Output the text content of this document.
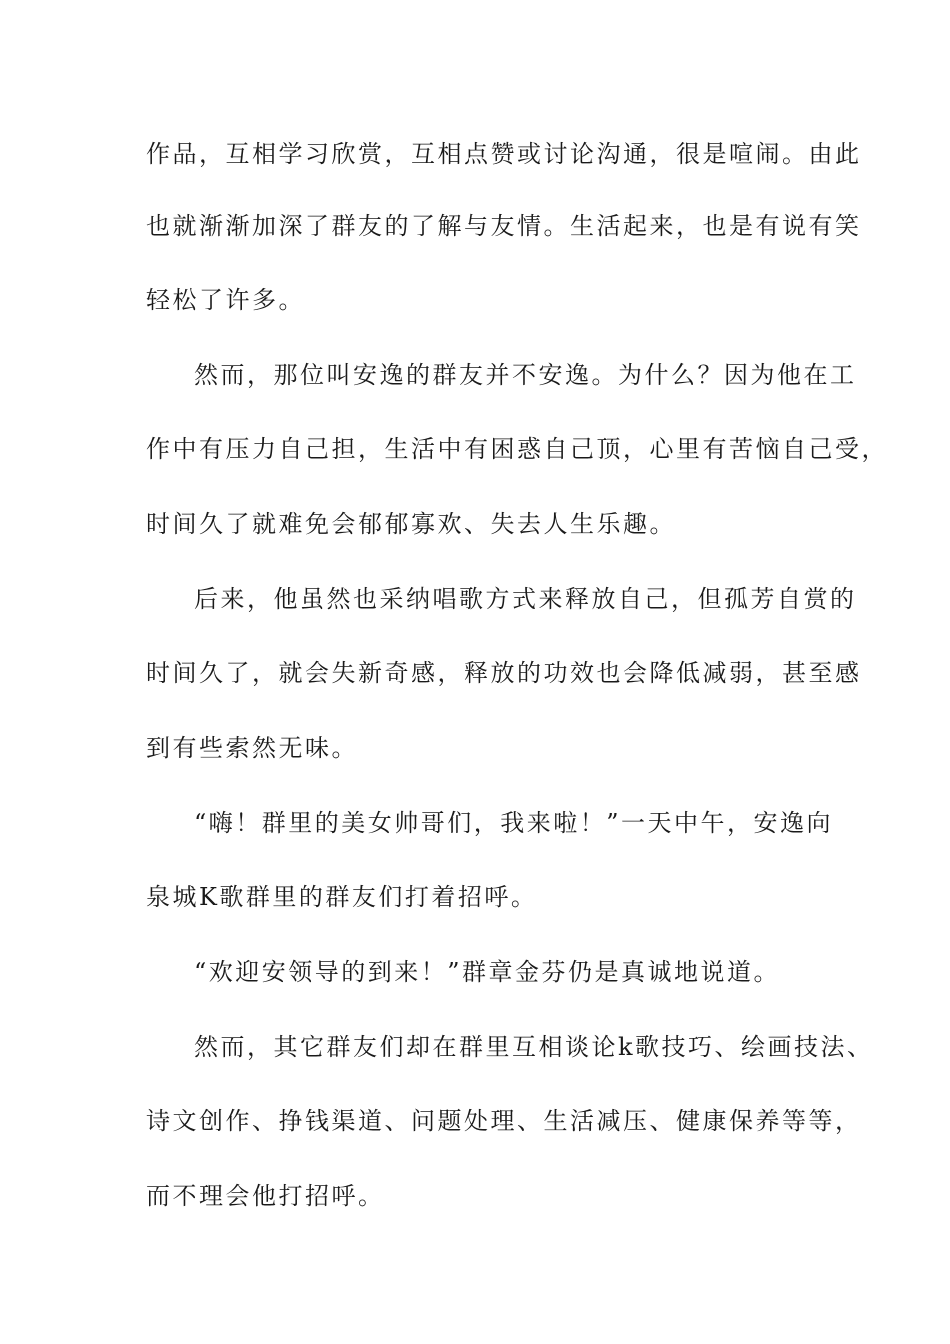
作品，互相学习欣赏，互相点赞或讨论沟通，很是喧闹。由此
也就渐渐加深了群友的了解与友情。生活起来，也是有说有笑
轻松了许多。
然而，那位叫安逸的群友并不安逸。为什么？因为他在工
作中有压力自己担，生活中有困惑自己顶，心里有苦恼自己受，
时间久了就难免会郁郁寡欢、失去人生乐趣。
后来，他虽然也采纳唱歌方式来释放自己，但孤芳自赏的
时间久了，就会失新奇感，释放的功效也会降低减弱，甚至感
到有些索然无味。
“嗨！群里的美女帅哥们，我来啦！”一天中午，安逸向
泉城K歌群里的群友们打着招呼。
“欢迎安领导的到来！”群章金芬仍是真诚地说道。
然而，其它群友们却在群里互相谈论k歌技巧、绘画技法、
诗文创作、挣钱渠道、问题处理、生活减压、健康保养等等，
而不理会他打招呼。
